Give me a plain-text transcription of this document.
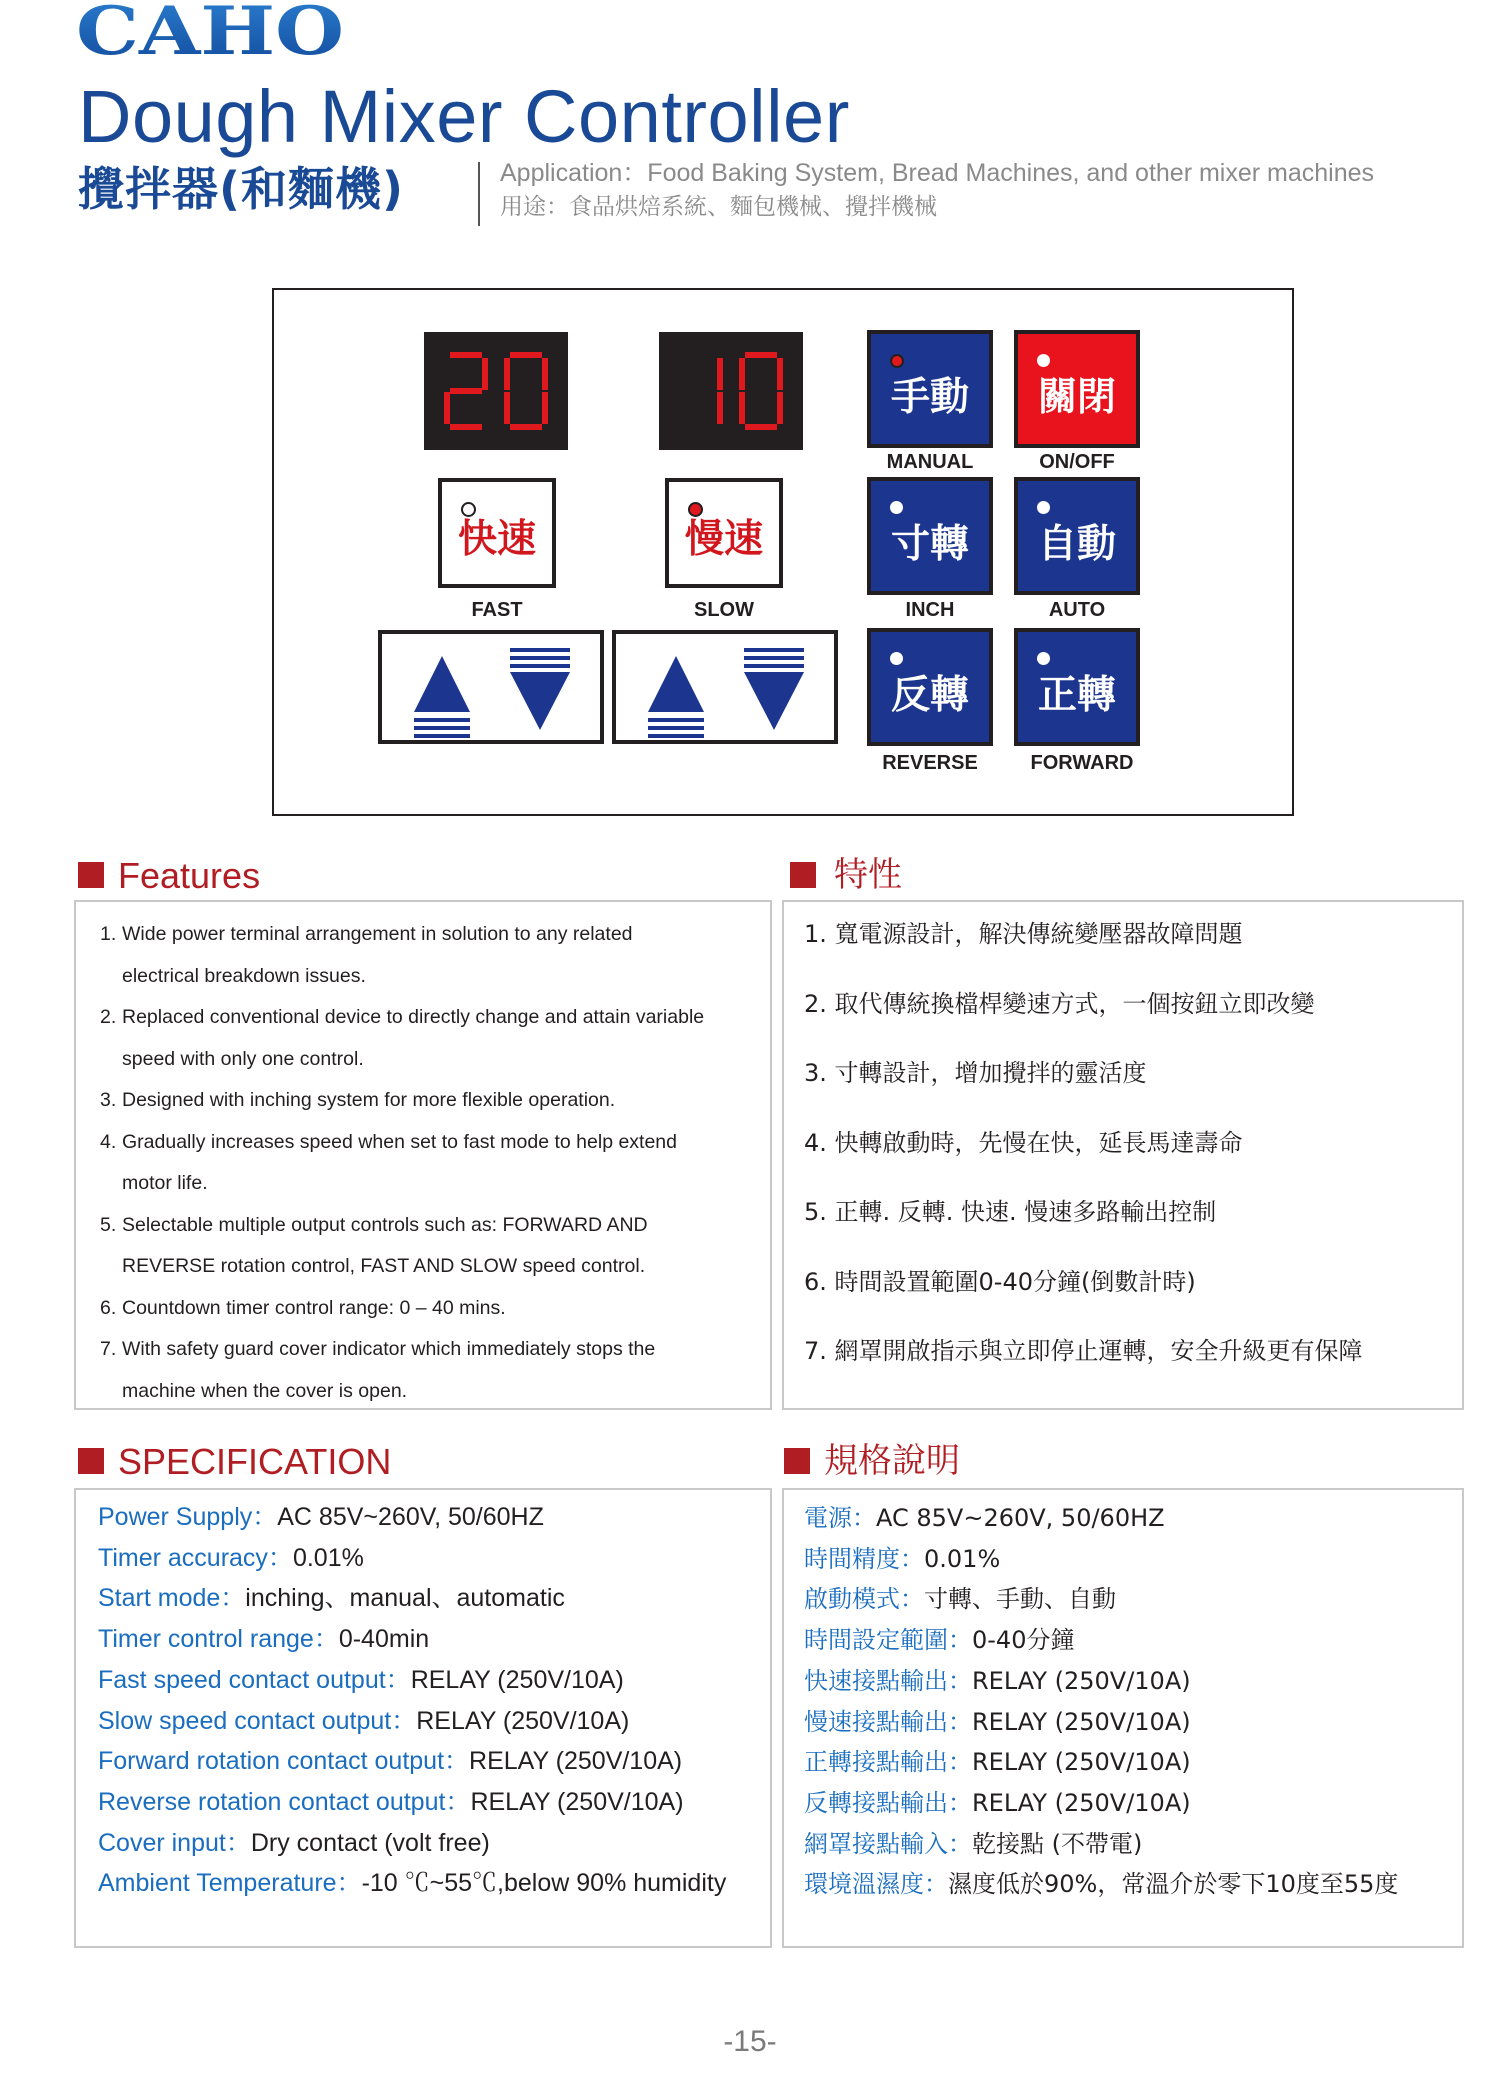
CAHO
Dough Mixer Controller
攪拌器(和麵機)	Application：Food Baking System, Bread Machines, and other mixer machines
用途：食品烘焙系統、麵包機械、攪拌機械
快速
FAST
慢速
SLOW
手動
MANUAL
關閉
ON/OFF
寸轉
INCH
自動
AUTO
反轉
REVERSE
正轉
FORWARD
Features	特性
1. Wide power terminal arrangement in solution to any related
electrical breakdown issues.
2. Replaced conventional device to directly change and attain variable
speed with only one control.
3. Designed with inching system for more flexible operation.
4. Gradually increases speed when set to fast mode to help extend
motor life.
5. Selectable multiple output controls such as: FORWARD AND
REVERSE rotation control, FAST AND SLOW speed control.
6. Countdown timer control range: 0 – 40 mins.
7. With safety guard cover indicator which immediately stops the
machine when the cover is open.
1. 寬電源設計，解決傳統變壓器故障問題
2. 取代傳統換檔桿變速方式，一個按鈕立即改變
3. 寸轉設計，增加攪拌的靈活度
4. 快轉啟動時，先慢在快，延長馬達壽命
5. 正轉. 反轉. 快速. 慢速多路輸出控制
6. 時間設置範圍0-40分鐘(倒數計時)
7. 網罩開啟指示與立即停止運轉，安全升級更有保障
SPECIFICATION	規格說明
Power Supply：AC 85V~260V, 50/60HZ
Timer accuracy：0.01%
Start mode：inching、manual、automatic
Timer control range：0-40min
Fast speed contact output：RELAY (250V/10A)
Slow speed contact output：RELAY (250V/10A)
Forward rotation contact output：RELAY (250V/10A)
Reverse rotation contact output：RELAY (250V/10A)
Cover input：Dry contact (volt free)
Ambient Temperature：-10 ℃~55℃,below 90% humidity
電源：AC 85V~260V, 50/60HZ
時間精度：0.01%
啟動模式：寸轉、手動、自動
時間設定範圍：0-40分鐘
快速接點輸出：RELAY (250V/10A)
慢速接點輸出：RELAY (250V/10A)
正轉接點輸出：RELAY (250V/10A)
反轉接點輸出：RELAY (250V/10A)
網罩接點輸入：乾接點 (不帶電)
環境溫濕度：濕度低於90%，常溫介於零下10度至55度
-15-
